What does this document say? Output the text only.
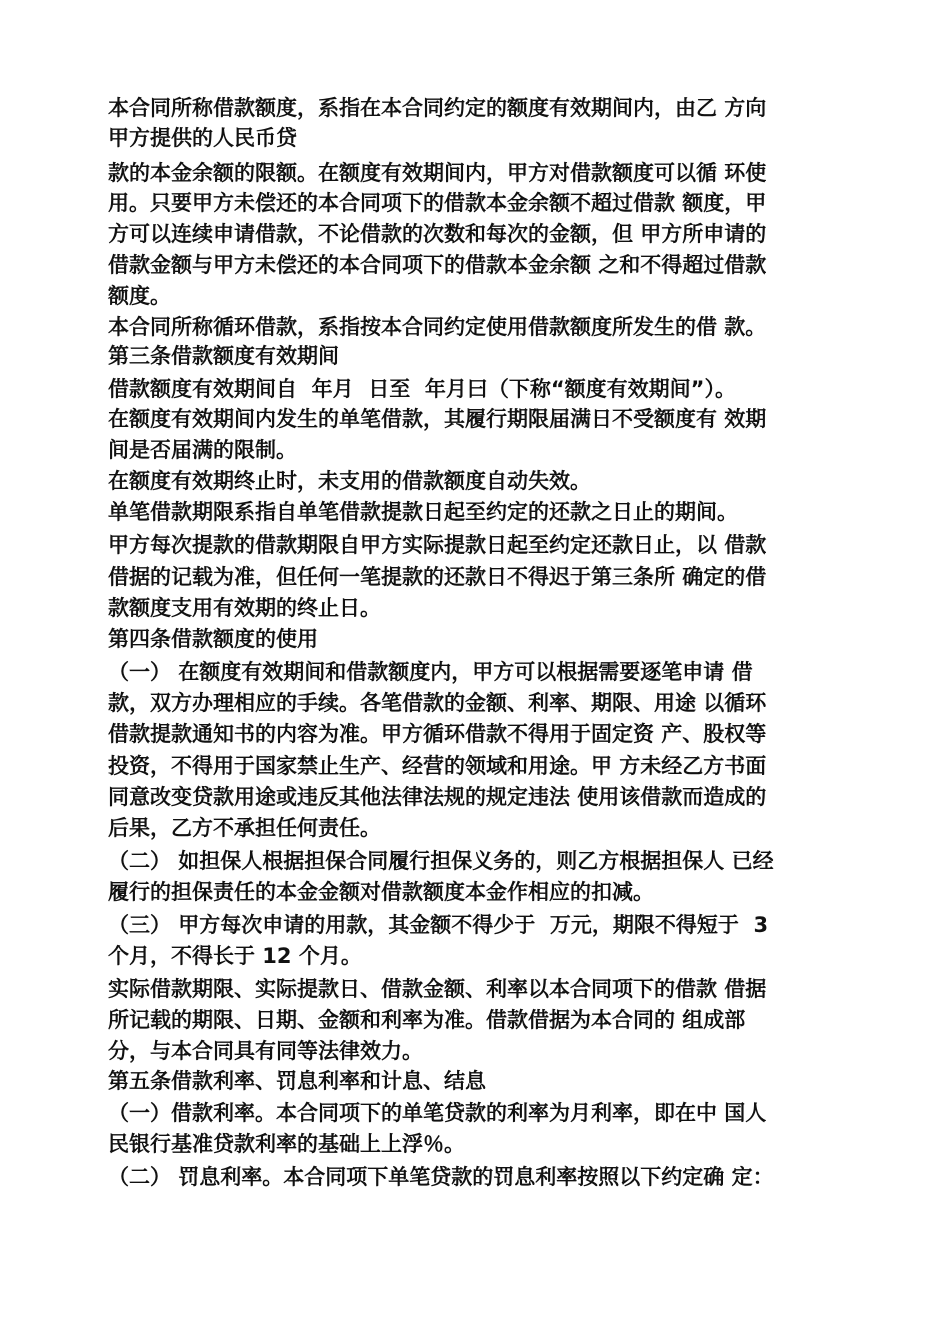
本合同所称借款额度，系指在本合同约定的额度有效期间内，由乙 方向
甲方提供的人民币贷
款的本金余额的限额。在额度有效期间内，甲方对借款额度可以循 环使
用。只要甲方未偿还的本合同项下的借款本金余额不超过借款 额度，甲
方可以连续申请借款，不论借款的次数和每次的金额，但 甲方所申请的
借款金额与甲方未偿还的本合同项下的借款本金余额 之和不得超过借款
额度。
本合同所称循环借款，系指按本合同约定使用借款额度所发生的借 款。
第三条借款额度有效期间
借款额度有效期间自  年月  日至  年月曰（下称“额度有效期间”）。
在额度有效期间内发生的单笔借款，其履行期限届满日不受额度有 效期
间是否届满的限制。
在额度有效期终止时，未支用的借款额度自动失效。
单笔借款期限系指自单笔借款提款日起至约定的还款之日止的期间。
甲方每次提款的借款期限自甲方实际提款日起至约定还款日止，以 借款
借据的记载为准，但任何一笔提款的还款日不得迟于第三条所 确定的借
款额度支用有效期的终止日。
第四条借款额度的使用
（一） 在额度有效期间和借款额度内，甲方可以根据需要逐笔申请 借
款，双方办理相应的手续。各笔借款的金额、利率、期限、用途 以循环
借款提款通知书的内容为准。甲方循环借款不得用于固定资 产、股权等
投资，不得用于国家禁止生产、经营的领域和用途。甲 方未经乙方书面
同意改变贷款用途或违反其他法律法规的规定违法 使用该借款而造成的
后果，乙方不承担任何责任。
（二） 如担保人根据担保合同履行担保义务的，则乙方根据担保人 已经
履行的担保责任的本金金额对借款额度本金作相应的扣减。
（三） 甲方每次申请的用款，其金额不得少于  万元，期限不得短于  3
个月，不得长于 12 个月。
实际借款期限、实际提款日、借款金额、利率以本合同项下的借款 借据
所记载的期限、日期、金额和利率为准。借款借据为本合同的 组成部
分，与本合同具有同等法律效力。
第五条借款利率、罚息利率和计息、结息
（一）借款利率。本合同项下的单笔贷款的利率为月利率，即在中 国人
民银行基准贷款利率的基础上上浮％。
（二） 罚息利率。本合同项下单笔贷款的罚息利率按照以下约定确 定：
